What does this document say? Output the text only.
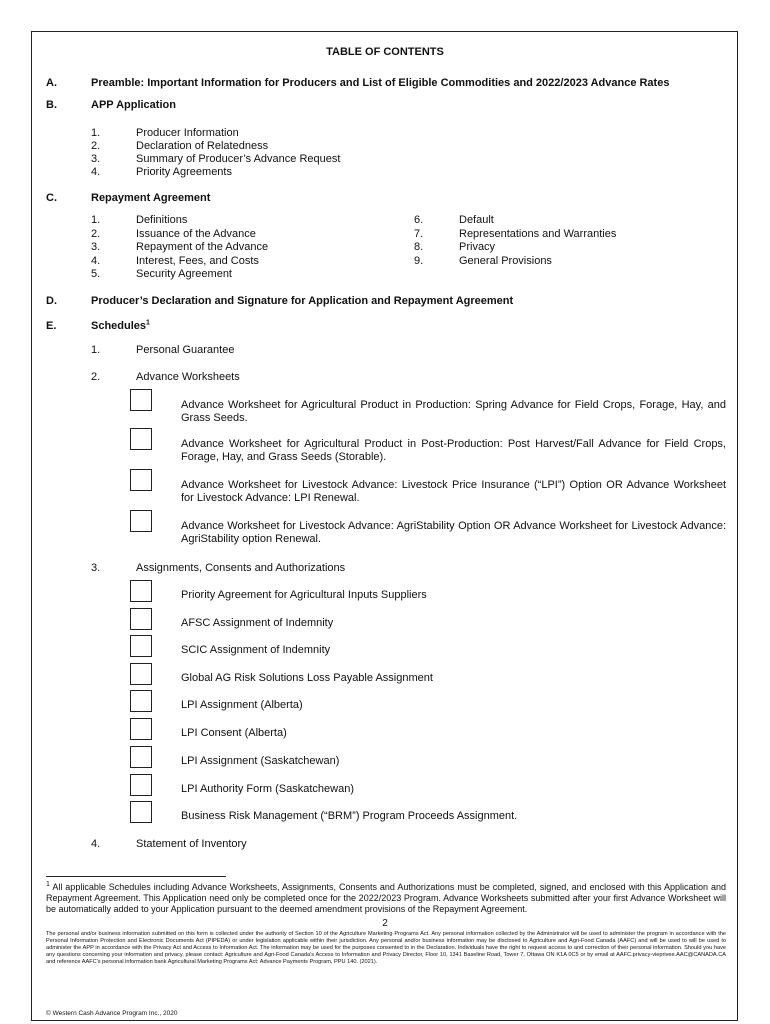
TABLE OF CONTENTS
A.	Preamble: Important Information for Producers and List of Eligible Commodities and 2022/2023 Advance Rates
B.	APP Application
1.	Producer Information
2.	Declaration of Relatedness
3.	Summary of Producer’s Advance Request
4.	Priority Agreements
C.	Repayment Agreement
1.	Definitions
2.	Issuance of the Advance
3.	Repayment of the Advance
4.	Interest, Fees, and Costs
5.	Security Agreement
6.	Default
7.	Representations and Warranties
8.	Privacy
9.	General Provisions
D.	Producer’s Declaration and Signature for Application and Repayment Agreement
E.	Schedules$^1$
1.	Personal Guarantee
2.	Advance Worksheets
Advance Worksheet for Agricultural Product in Production: Spring Advance for Field Crops, Forage, Hay, and Grass Seeds.
Advance Worksheet for Agricultural Product in Post-Production: Post Harvest/Fall Advance for Field Crops, Forage, Hay, and Grass Seeds (Storable).
Advance Worksheet for Livestock Advance: Livestock Price Insurance (“LPI”) Option OR Advance Worksheet for Livestock Advance: LPI Renewal.
Advance Worksheet for Livestock Advance: AgriStability Option OR Advance Worksheet for Livestock Advance: AgriStability option Renewal.
3.	Assignments, Consents and Authorizations
Priority Agreement for Agricultural Inputs Suppliers
AFSC Assignment of Indemnity
SCIC Assignment of Indemnity
Global AG Risk Solutions Loss Payable Assignment
LPI Assignment (Alberta)
LPI Consent (Alberta)
LPI Assignment (Saskatchewan)
LPI Authority Form (Saskatchewan)
Business Risk Management (“BRM”) Program Proceeds Assignment.
4.	Statement of Inventory
$^1$ All applicable Schedules including Advance Worksheets, Assignments, Consents and Authorizations must be completed, signed, and enclosed with this Application and Repayment Agreement. This Application need only be completed once for the 2022/2023 Program. Advance Worksheets submitted after your first Advance Worksheet will be automatically added to your Application pursuant to the deemed amendment provisions of the Repayment Agreement.
2
The personal and/or business information submitted on this form is collected under the authority of Section 10 of the Agriculture Marketing Programs Act. Any personal information collected by the Administrator will be used to administer the program in accordance with the Personal Information Protection and Electronic Documents Act (PIPEDA) or under legislation applicable within their jurisdiction. Any personal and/or business information may be disclosed to Agriculture and Agri-Food Canada (AAFC) and will be used to will be used to administer the APP in accordance with the Privacy Act and Access to Information Act. The information may be used for the purposes consented to in the Declaration. Individuals have the right to request access to and correction of their personal information. Should you have any questions concerning your information and privacy, please contact: Agriculture and Agri-Food Canada's Access to Information and Privacy Director, Floor 10, 1341 Baseline Road, Tower 7, Ottawa ON K1A 0C5 or by email at AAFC.privacy-vieprivee.AAC@CANADA.CA and reference AAFC's personal information bank Agricultural Marketing Programs Act: Advance Payments Program, PPU 140. (2021).
© Western Cash Advance Program Inc., 2020
